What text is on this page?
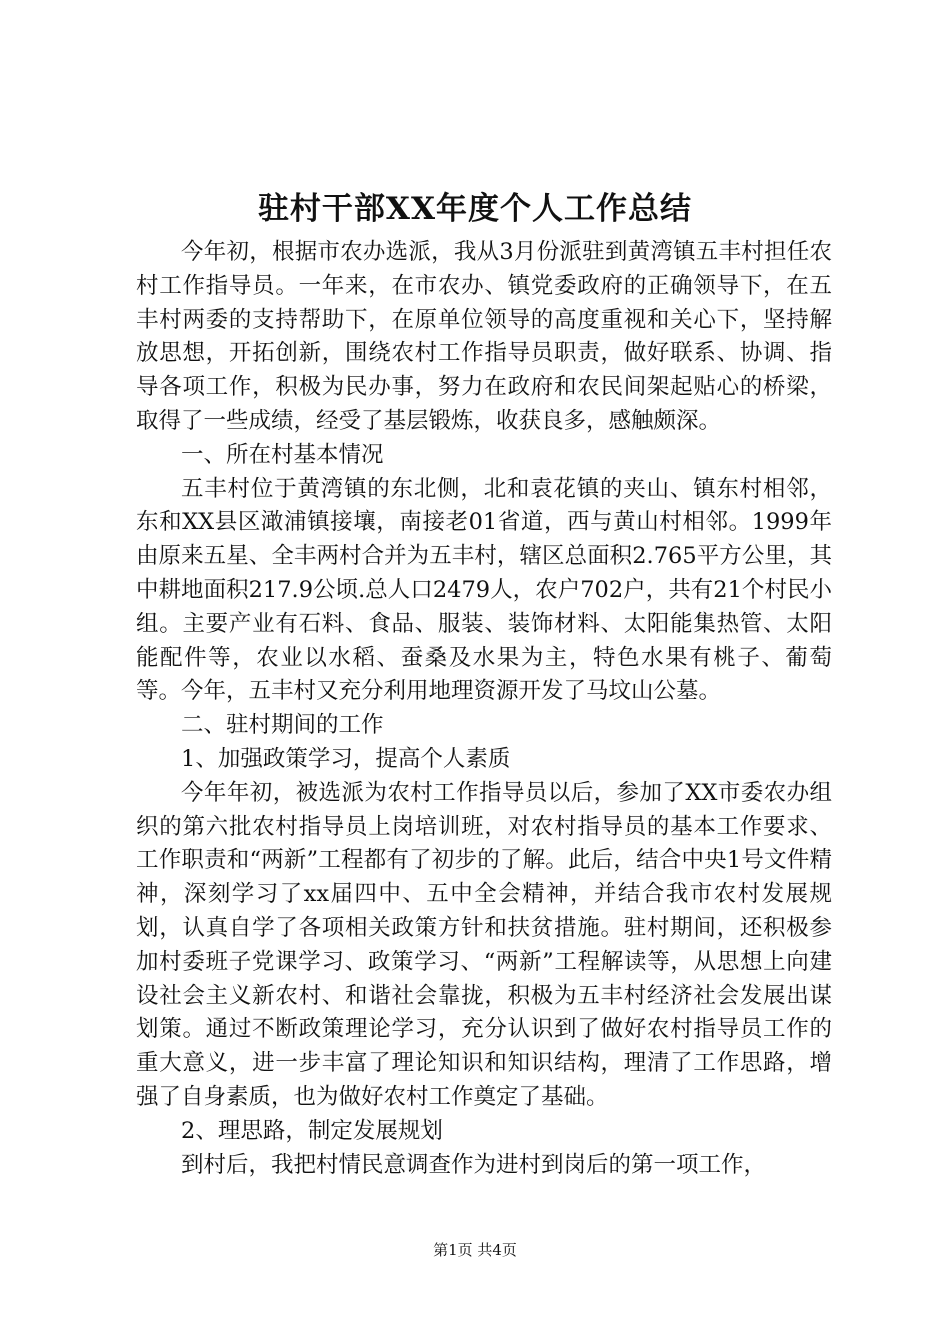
驻村干部XX年度个人工作总结

今年初，根据市农办选派，我从3月份派驻到黄湾镇五丰村担任农村工作指导员。一年来，在市农办、镇党委政府的正确领导下，在五丰村两委的支持帮助下，在原单位领导的高度重视和关心下，坚持解放思想，开拓创新，围绕农村工作指导员职责，做好联系、协调、指导各项工作，积极为民办事，努力在政府和农民间架起贴心的桥梁，取得了一些成绩，经受了基层锻炼，收获良多，感触颇深。

一、所在村基本情况

五丰村位于黄湾镇的东北侧，北和袁花镇的夹山、镇东村相邻，东和XX县区澉浦镇接壤，南接老01省道，西与黄山村相邻。1999年由原来五星、全丰两村合并为五丰村，辖区总面积2.765平方公里，其中耕地面积217.9公顷.总人口2479人，农户702户，共有21个村民小组。主要产业有石料、食品、服装、装饰材料、太阳能集热管、太阳能配件等，农业以水稻、蚕桑及水果为主，特色水果有桃子、葡萄等。今年，五丰村又充分利用地理资源开发了马坟山公墓。

二、驻村期间的工作

1、加强政策学习，提高个人素质

今年年初，被选派为农村工作指导员以后，参加了XX市委农办组织的第六批农村指导员上岗培训班，对农村指导员的基本工作要求、工作职责和“两新”工程都有了初步的了解。此后，结合中央1号文件精神，深刻学习了xx届四中、五中全会精神，并结合我市农村发展规划，认真自学了各项相关政策方针和扶贫措施。驻村期间，还积极参加村委班子党课学习、政策学习、“两新”工程解读等，从思想上向建设社会主义新农村、和谐社会靠拢，积极为五丰村经济社会发展出谋划策。通过不断政策理论学习，充分认识到了做好农村指导员工作的重大意义，进一步丰富了理论知识和知识结构，理清了工作思路，增强了自身素质，也为做好农村工作奠定了基础。

2、理思路，制定发展规划

到村后，我把村情民意调查作为进村到岗后的第一项工作，

第1页 共4页
